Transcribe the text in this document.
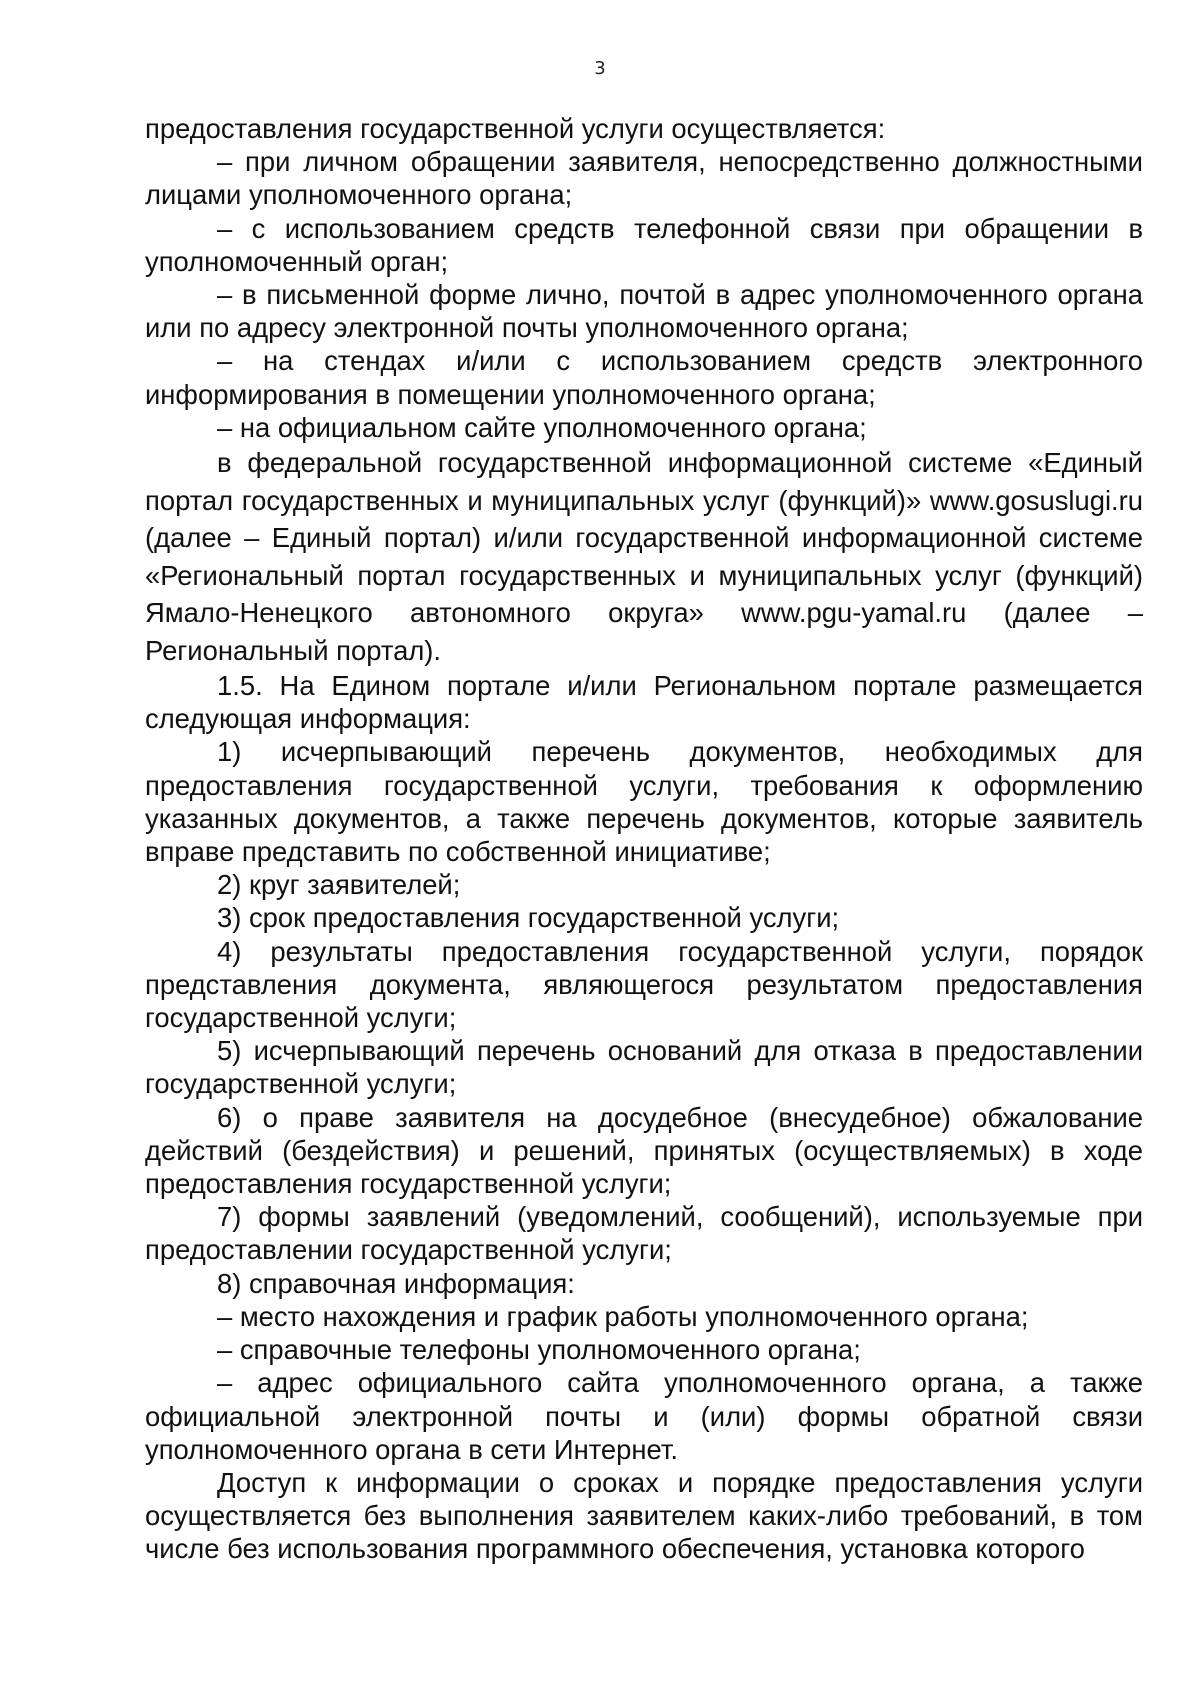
3

предоставления государственной услуги осуществляется:

– при личном обращении заявителя, непосредственно должностными лицами уполномоченного органа;

– с использованием средств телефонной связи при обращении в уполномоченный орган;

– в письменной форме лично, почтой в адрес уполномоченного органа или по адресу электронной почты уполномоченного органа;

– на стендах и/или с использованием средств электронного информирования в помещении уполномоченного органа;

– на официальном сайте уполномоченного органа;

в федеральной государственной информационной системе «Единый портал государственных и муниципальных услуг (функций)» www.gosuslugi.ru (далее – Единый портал) и/или государственной информационной системе «Региональный портал государственных и муниципальных услуг (функций) Ямало-Ненецкого автономного округа» www.pgu-yamal.ru (далее – Региональный портал).

1.5. На Едином портале и/или Региональном портале размещается следующая информация:

1) исчерпывающий перечень документов, необходимых для предоставления государственной услуги, требования к оформлению указанных документов, а также перечень документов, которые заявитель вправе представить по собственной инициативе;

2) круг заявителей;

3) срок предоставления государственной услуги;

4) результаты предоставления государственной услуги, порядок представления документа, являющегося результатом предоставления государственной услуги;

5) исчерпывающий перечень оснований для отказа в предоставлении государственной услуги;

6) о праве заявителя на досудебное (внесудебное) обжалование действий (бездействия) и решений, принятых (осуществляемых) в ходе предоставления государственной услуги;

7) формы заявлений (уведомлений, сообщений), используемые при предоставлении государственной услуги;

8) справочная информация:

– место нахождения и график работы уполномоченного органа;

– справочные телефоны уполномоченного органа;

– адрес официального сайта уполномоченного органа, а также официальной электронной почты и (или) формы обратной связи уполномоченного органа в сети Интернет.

Доступ к информации о сроках и порядке предоставления услуги осуществляется без выполнения заявителем каких-либо требований, в том числе без использования программного обеспечения, установка которого
